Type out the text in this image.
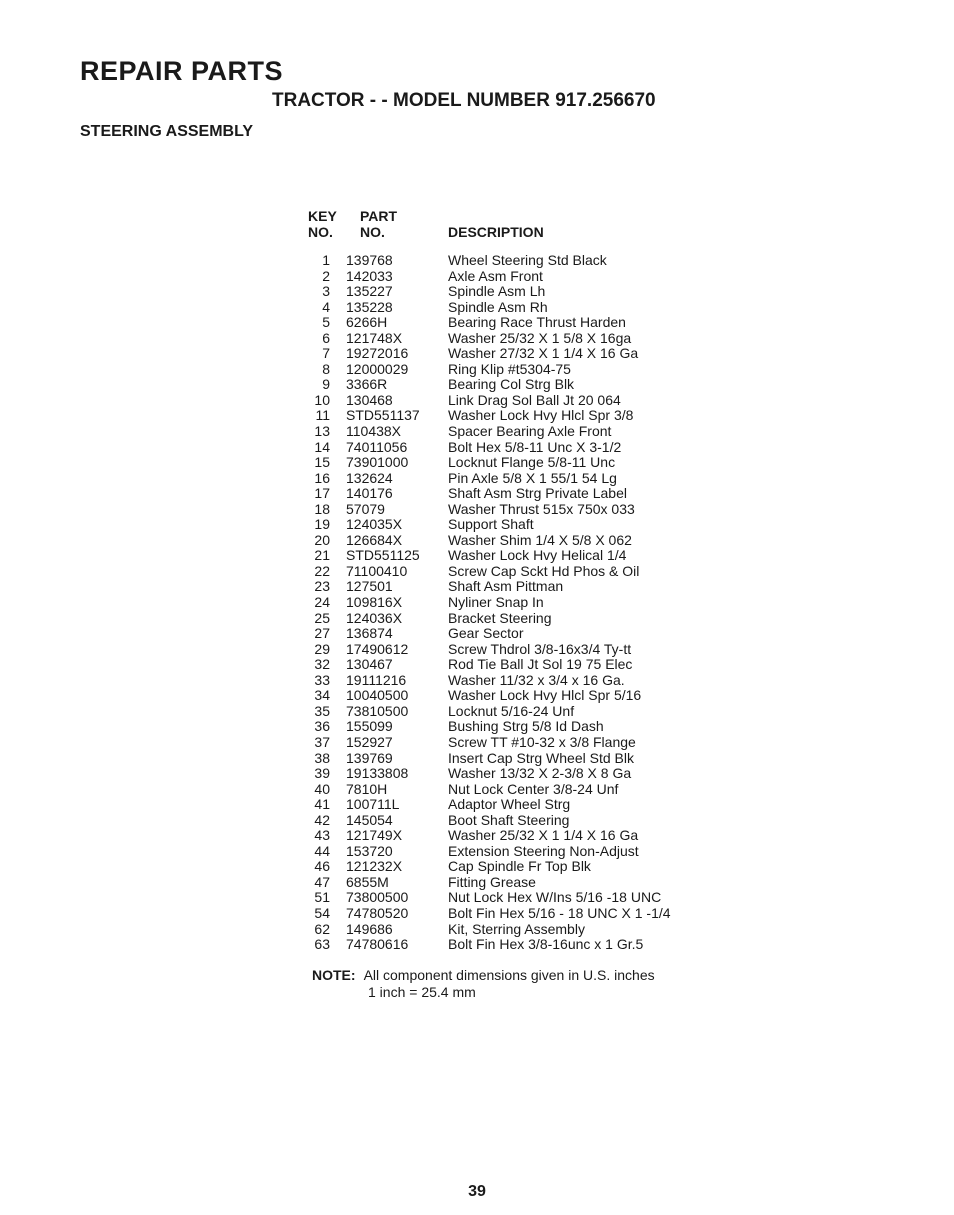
REPAIR PARTS
TRACTOR - - MODEL NUMBER 917.256670
STEERING ASSEMBLY
KEY
NO.
PART
NO.	DESCRIPTION
1 139768	Wheel Steering Std Black
2 142033	Axle Asm Front
3 135227	Spindle Asm Lh
4 135228	Spindle Asm Rh
5 6266H	Bearing Race Thrust Harden
6 121748X	Washer 25/32 X 1 5/8 X 16ga
7 19272016	Washer 27/32 X 1 1/4 X 16 Ga
8 12000029	Ring Klip #t5304-75
9 3366R	Bearing Col Strg Blk
10 130468	Link Drag Sol Ball Jt 20 064
11 STD551137 Washer Lock Hvy Hlcl Spr 3/8
13 110438X	Spacer Bearing Axle Front
14 74011056	Bolt Hex 5/8-11 Unc X 3-1/2
15 73901000	Locknut Flange 5/8-11 Unc
16 132624	Pin Axle 5/8 X 1 55/1 54 Lg
17 140176	Shaft Asm Strg Private Label
18 57079	Washer Thrust 515x 750x 033
19 124035X	Support Shaft
20 126684X	Washer Shim 1/4 X 5/8 X 062
21 STD551125 Washer Lock Hvy Helical 1/4
22 71100410	Screw Cap Sckt Hd Phos & Oil
23 127501	Shaft Asm Pittman
24 109816X	Nyliner Snap In
25 124036X	Bracket Steering
27 136874	Gear Sector
29 17490612	Screw Thdrol 3/8-16x3/4 Ty-tt
32 130467	Rod Tie Ball Jt Sol 19 75 Elec
33 19111216	Washer 11/32 x 3/4 x 16 Ga.
34 10040500	Washer Lock Hvy Hlcl Spr 5/16
35 73810500	Locknut 5/16-24 Unf
36 155099	Bushing Strg 5/8 Id Dash
37 152927	Screw TT #10-32 x 3/8 Flange
38 139769	Insert Cap Strg Wheel Std Blk
39 19133808	Washer 13/32 X 2-3/8 X 8 Ga
40 7810H	Nut Lock Center 3/8-24 Unf
41 100711L	Adaptor Wheel Strg
42 145054	Boot Shaft Steering
43 121749X	Washer 25/32 X 1 1/4 X 16 Ga
44 153720	Extension Steering Non-Adjust
46 121232X	Cap Spindle Fr Top Blk
47 6855M	Fitting Grease
51 73800500	Nut Lock Hex W/Ins 5/16 -18 UNC
54 74780520	Bolt Fin Hex 5/16 - 18 UNC X 1 -1/4
62 149686	Kit, Sterring Assembly
63 74780616	Bolt Fin Hex 3/8-16unc x 1 Gr.5
NOTE: All component dimensions given in U.S. inches
1 inch = 25.4 mm
39
